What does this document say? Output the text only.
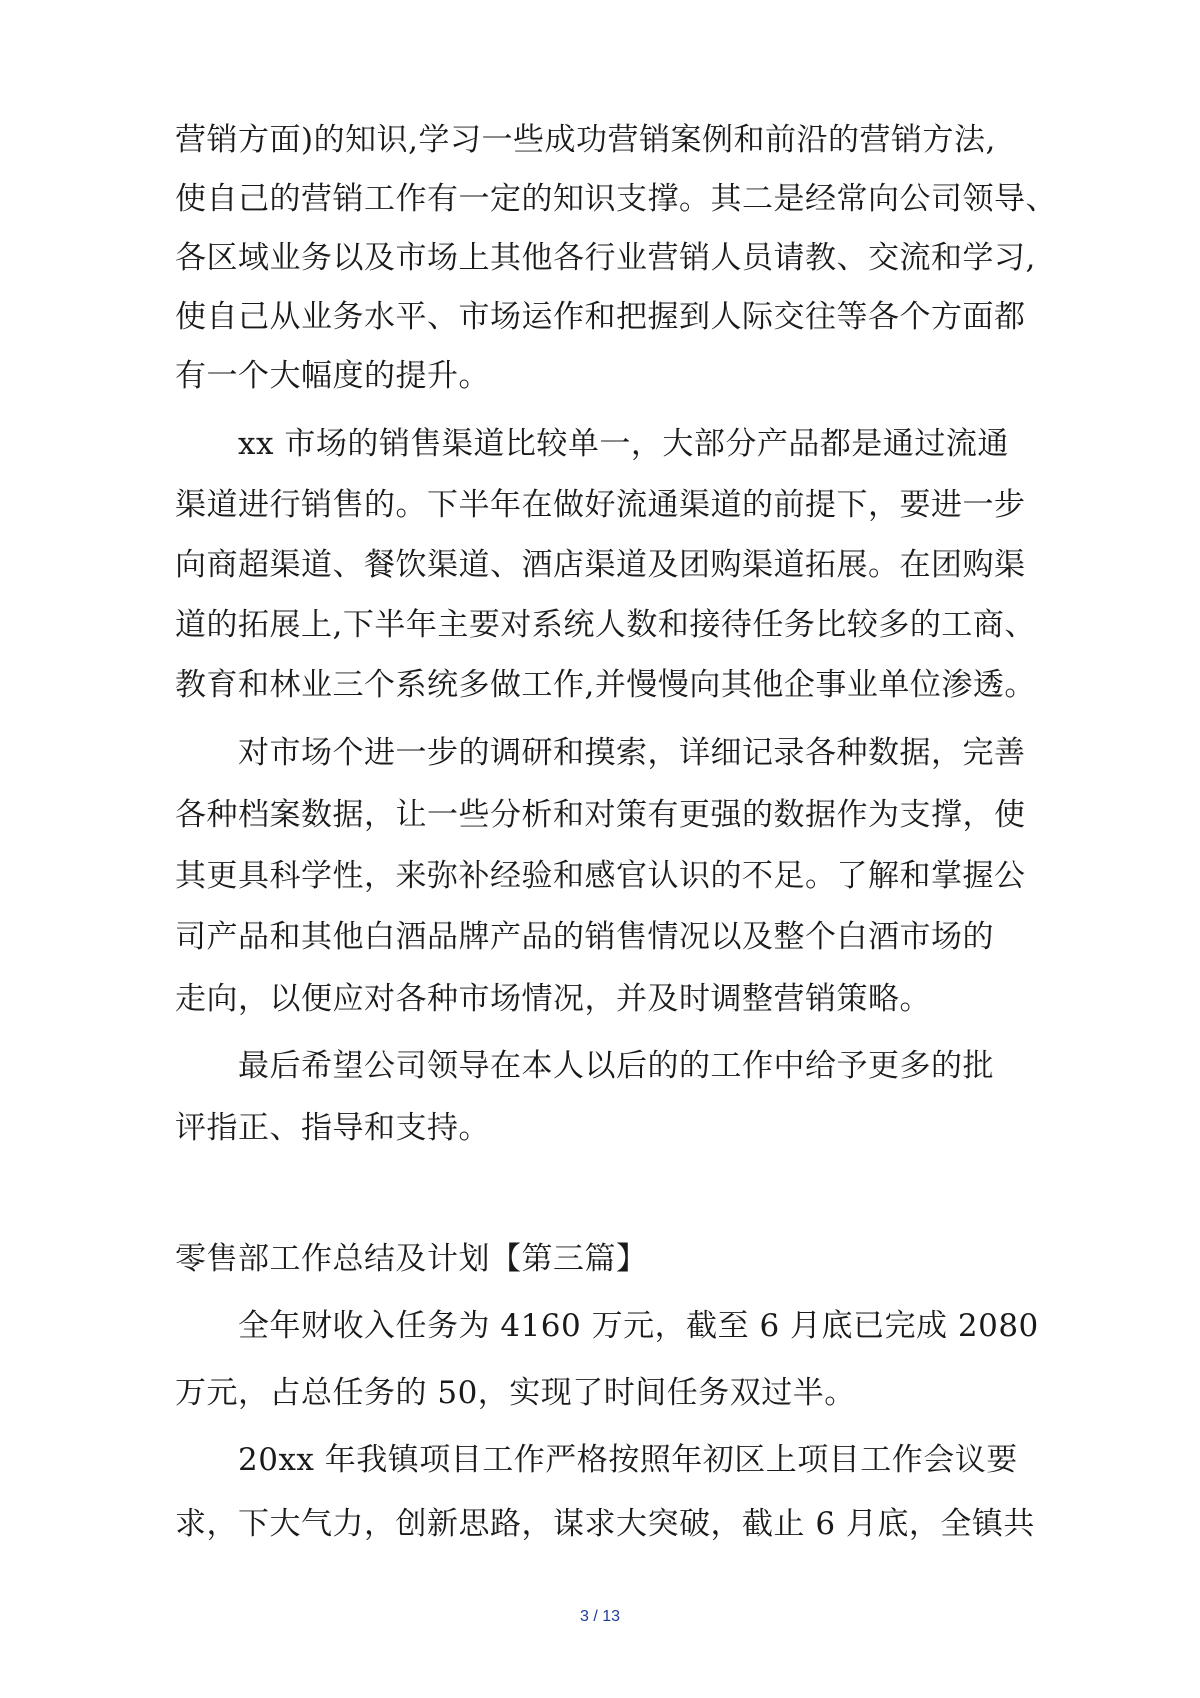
营销方面)的知识,学习一些成功营销案例和前沿的营销方法,
使自己的营销工作有一定的知识支撑。其二是经常向公司领导、
各区域业务以及市场上其他各行业营销人员请教、交流和学习,
使自己从业务水平、市场运作和把握到人际交往等各个方面都
有一个大幅度的提升。
xx 市场的销售渠道比较单一，大部分产品都是通过流通
渠道进行销售的。下半年在做好流通渠道的前提下，要进一步
向商超渠道、餐饮渠道、酒店渠道及团购渠道拓展。在团购渠
道的拓展上,下半年主要对系统人数和接待任务比较多的工商、
教育和林业三个系统多做工作,并慢慢向其他企事业单位渗透。
对市场个进一步的调研和摸索，详细记录各种数据，完善
各种档案数据，让一些分析和对策有更强的数据作为支撑，使
其更具科学性，来弥补经验和感官认识的不足。了解和掌握公
司产品和其他白酒品牌产品的销售情况以及整个白酒市场的
走向，以便应对各种市场情况，并及时调整营销策略。
最后希望公司领导在本人以后的的工作中给予更多的批
评指正、指导和支持。
零售部工作总结及计划【第三篇】
全年财收入任务为 4160 万元，截至 6 月底已完成 2080
万元，占总任务的 50，实现了时间任务双过半。
20xx 年我镇项目工作严格按照年初区上项目工作会议要
求，下大气力，创新思路，谋求大突破，截止 6 月底，全镇共
3 / 13
